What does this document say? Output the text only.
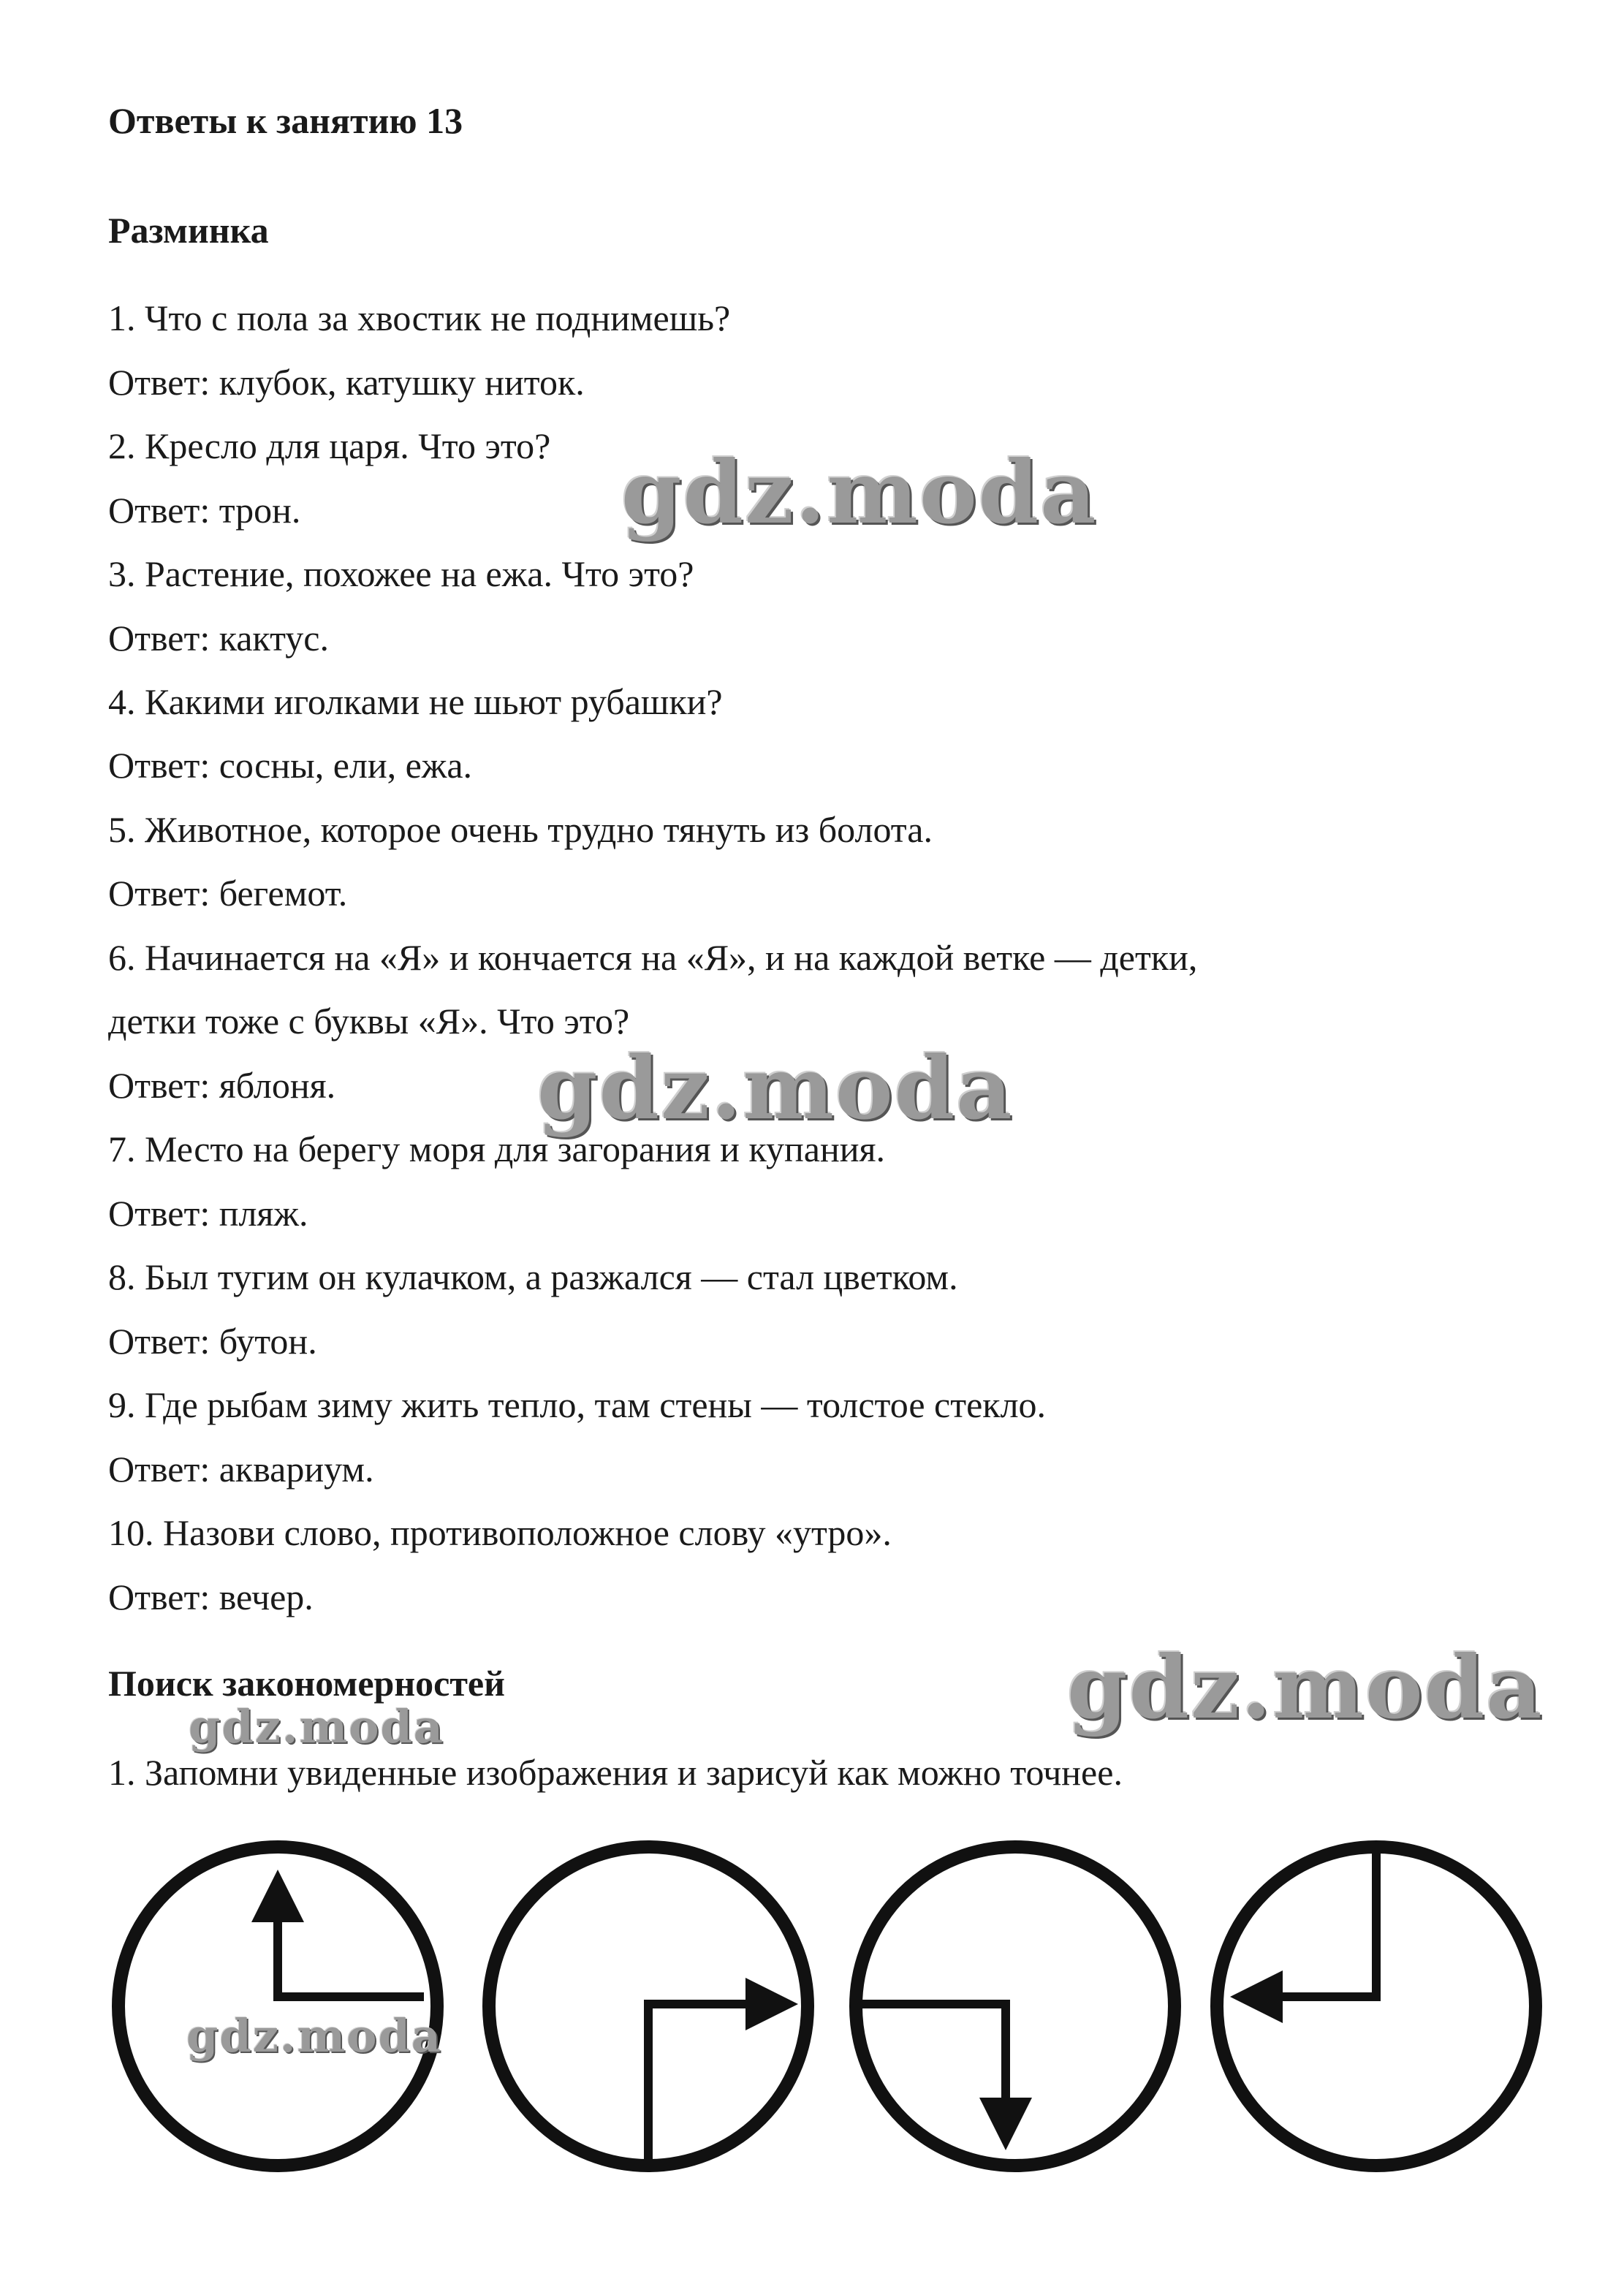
Ответы к занятию 13
Разминка
1. Что с пола за хвостик не поднимешь?
Ответ: клубок, катушку ниток.
2. Кресло для царя. Что это?
Ответ: трон.
3. Растение, похожее на ежа. Что это?
Ответ: кактус.
4. Какими иголками не шьют рубашки?
Ответ: сосны, ели, ежа.
5. Животное, которое очень трудно тянуть из болота.
Ответ: бегемот.
6. Начинается на «Я» и кончается на «Я», и на каждой ветке — детки,
детки тоже с буквы «Я». Что это?
Ответ: яблоня.
7. Место на берегу моря для загорания и купания.
Ответ: пляж.
8. Был тугим он кулачком, а разжался — стал цветком.
Ответ: бутон.
9. Где рыбам зиму жить тепло, там стены — толстое стекло.
Ответ: аквариум.
10. Назови слово, противоположное слову «утро».
Ответ: вечер.
Поиск закономерностей
1. Запомни увиденные изображения и зарисуй как можно точнее.
gdz.moda
gdz.moda
gdz.moda
gdz.moda
gdz.moda
